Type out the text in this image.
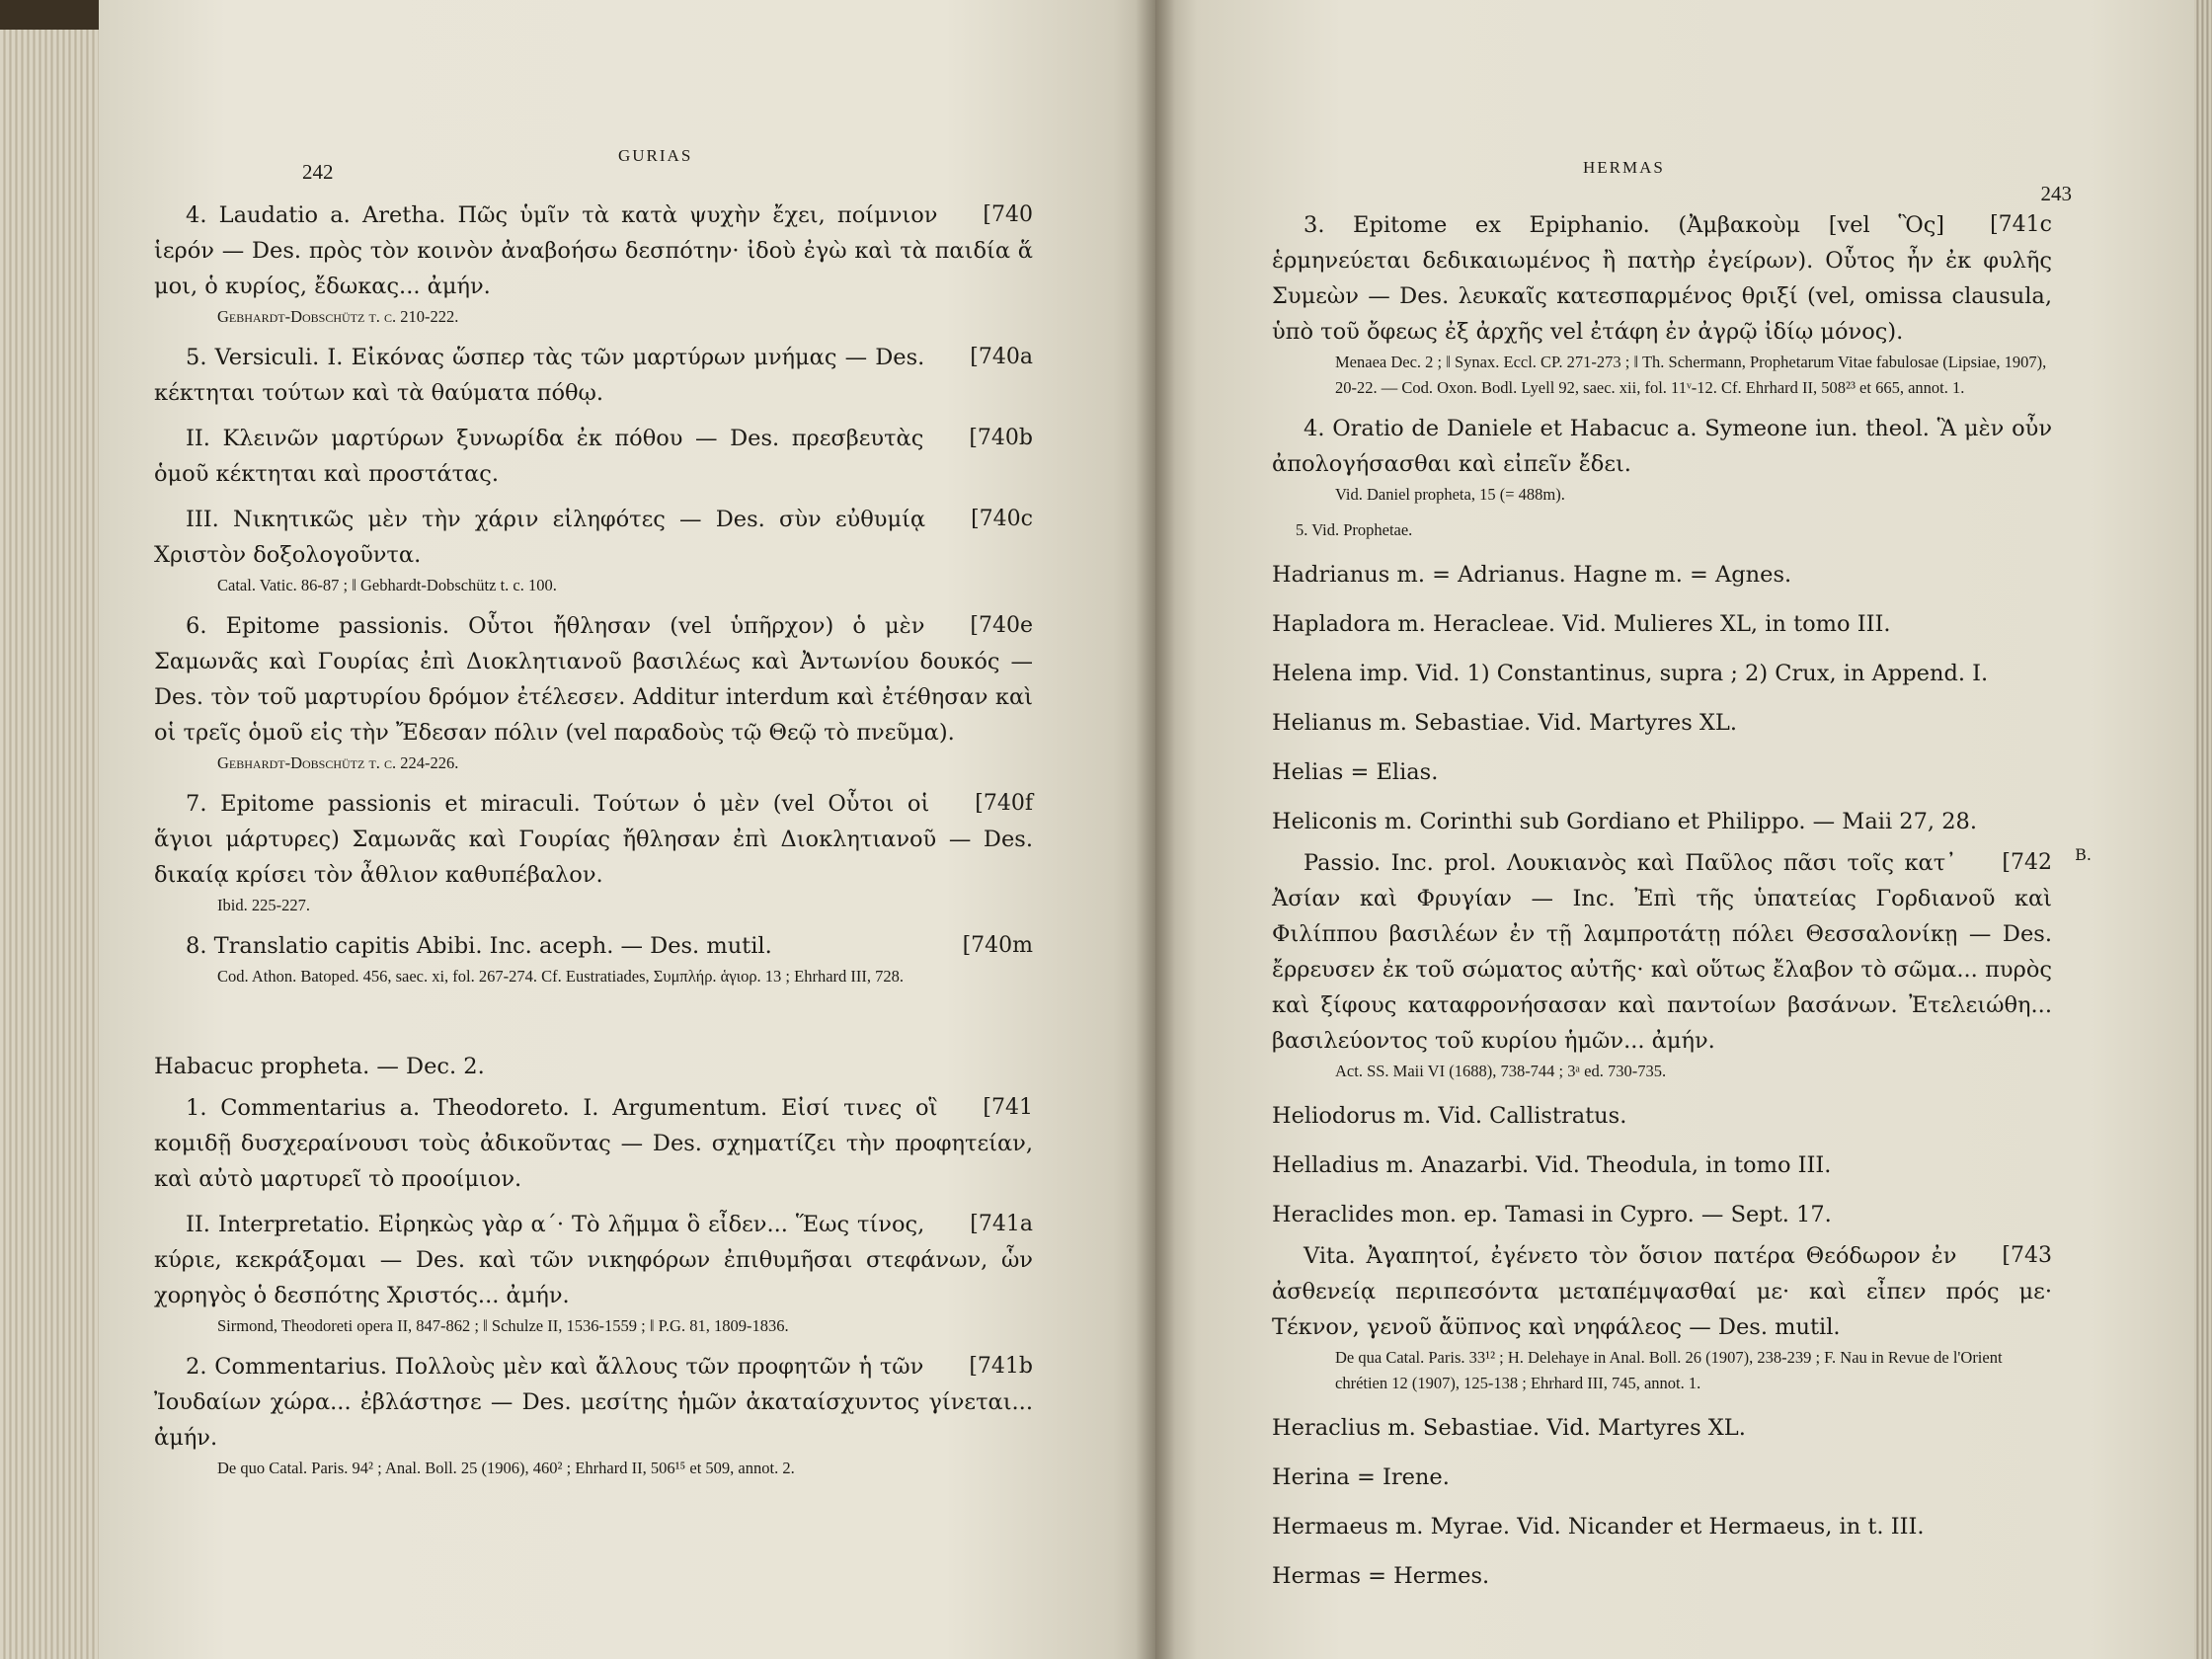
242
GURIAS

[740
4. Laudatio a. Aretha. Πῶς ὑμῖν τὰ κατὰ ψυχὴν ἔχει, ποίμνιον ἱερόν — Des. πρὸς τὸν κοινὸν ἀναβοήσω δεσπότην· ἰδοὺ ἐγὼ καὶ τὰ παιδία ἅ μοι, ὁ κυρίος, ἔδωκας... ἀμήν.

Gebhardt-Dobschütz t. c. 210-222.

[740a
5. Versiculi. I. Εἰκόνας ὥσπερ τὰς τῶν μαρτύρων μνήμας — Des. κέκτηται τούτων καὶ τὰ θαύματα πόθῳ.

[740b
II. Κλεινῶν μαρτύρων ξυνωρίδα ἐκ πόθου — Des. πρεσβευτὰς ὁμοῦ κέκτηται καὶ προστάτας.

[740c
III. Νικητικῶς μὲν τὴν χάριν εἰληφότες — Des. σὺν εὐθυμίᾳ Χριστὸν δοξολογοῦντα.

Catal. Vatic. 86-87 ; ‖ Gebhardt-Dobschütz t. c. 100.

[740e
6. Epitome passionis. Οὗτοι ἤθλησαν (vel ὑπῆρχον) ὁ μὲν Σαμωνᾶς καὶ Γουρίας ἐπὶ Διοκλητιανοῦ βασιλέως καὶ Ἀντωνίου δουκός — Des. τὸν τοῦ μαρτυρίου δρόμον ἐτέλεσεν. Additur interdum καὶ ἐτέθησαν καὶ οἱ τρεῖς ὁμοῦ εἰς τὴν Ἔδεσαν πόλιν (vel παραδοὺς τῷ Θεῷ τὸ πνεῦμα).

Gebhardt-Dobschütz t. c. 224-226.

[740f
7. Epitome passionis et miraculi. Τούτων ὁ μὲν (vel Οὗτοι οἱ ἅγιοι μάρτυρες) Σαμωνᾶς καὶ Γουρίας ἤθλησαν ἐπὶ Διοκλητιανοῦ — Des. δικαίᾳ κρίσει τὸν ἆθλιον καθυπέβαλον.

Ibid. 225-227.

[740m
8. Translatio capitis Abibi. Inc. aceph. — Des. mutil.

Cod. Athon. Batoped. 456, saec. xi, fol. 267-274. Cf. Eustratiades, Συμπλήρ. ἁγιορ. 13 ; Ehrhard III, 728.

Habacuc propheta. — Dec. 2.

[741
1. Commentarius a. Theodoreto. I. Argumentum. Εἰσί τινες οἳ κομιδῇ δυσχεραίνουσι τοὺς ἀδικοῦντας — Des. σχηματίζει τὴν προφητείαν, καὶ αὐτὸ μαρτυρεῖ τὸ προοίμιον.

[741a
II. Interpretatio. Εἰρηκὼς γὰρ α´· Τὸ λῆμμα ὃ εἶδεν... Ἕως τίνος, κύριε, κεκράξομαι — Des. καὶ τῶν νικηφόρων ἐπιθυμῆσαι στεφάνων, ὧν χορηγὸς ὁ δεσπότης Χριστός... ἀμήν.

Sirmond, Theodoreti opera II, 847-862 ; ‖ Schulze II, 1536-1559 ; ‖ P.G. 81, 1809-1836.

[741b
2. Commentarius. Πολλοὺς μὲν καὶ ἄλλους τῶν προφητῶν ἡ τῶν Ἰουδαίων χώρα... ἐβλάστησε — Des. μεσίτης ἡμῶν ἀκαταίσχυντος γίνεται... ἀμήν.

De quo Catal. Paris. 94² ; Anal. Boll. 25 (1906), 460² ; Ehrhard II, 506¹⁵ et 509, annot. 2.

HERMAS
243

[741c
3. Epitome ex Epiphanio. (Ἀμβακοὺμ [vel Ὃς] ἑρμηνεύεται δεδικαιωμένος ἢ πατὴρ ἐγείρων). Οὗτος ἦν ἐκ φυλῆς Συμεὼν — Des. λευκαῖς κατεσπαρμένος θριξί (vel, omissa clausula, ὑπὸ τοῦ ὄφεως ἐξ ἀρχῆς vel ἐτάφη ἐν ἀγρῷ ἰδίῳ μόνος).

Menaea Dec. 2 ; ‖ Synax. Eccl. CP. 271-273 ; ‖ Th. Schermann, Prophetarum Vitae fabulosae (Lipsiae, 1907), 20-22. — Cod. Oxon. Bodl. Lyell 92, saec. xii, fol. 11ᵛ-12. Cf. Ehrhard II, 508²³ et 665, annot. 1.

4. Oratio de Daniele et Habacuc a. Symeone iun. theol. Ἃ μὲν οὖν ἀπολογήσασθαι καὶ εἰπεῖν ἔδει.

Vid. Daniel propheta, 15 (= 488m).

5. Vid. Prophetae.

Hadrianus m. = Adrianus. Hagne m. = Agnes.

Hapladora m. Heracleae. Vid. Mulieres XL, in tomo III.

Helena imp. Vid. 1) Constantinus, supra ; 2) Crux, in Append. I.

Helianus m. Sebastiae. Vid. Martyres XL.

Helias = Elias.

Heliconis m. Corinthi sub Gordiano et Philippo. — Maii 27, 28.

B.

[742
Passio. Inc. prol. Λουκιανὸς καὶ Παῦλος πᾶσι τοῖς κατ᾽ Ἀσίαν καὶ Φρυγίαν — Inc. Ἐπὶ τῆς ὑπατείας Γορδιανοῦ καὶ Φιλίππου βασιλέων ἐν τῇ λαμπροτάτῃ πόλει Θεσσαλονίκῃ — Des. ἔρρευσεν ἐκ τοῦ σώματος αὐτῆς· καὶ οὕτως ἔλαβον τὸ σῶμα... πυρὸς καὶ ξίφους καταφρονήσασαν καὶ παντοίων βασάνων. Ἐτελειώθη... βασιλεύοντος τοῦ κυρίου ἡμῶν... ἀμήν.

Act. SS. Maii VI (1688), 738-744 ; 3ᵃ ed. 730-735.

Heliodorus m. Vid. Callistratus.

Helladius m. Anazarbi. Vid. Theodula, in tomo III.

Heraclides mon. ep. Tamasi in Cypro. — Sept. 17.

[743
Vita. Ἀγαπητοί, ἐγένετο τὸν ὅσιον πατέρα Θεόδωρον ἐν ἀσθενείᾳ περιπεσόντα μεταπέμψασθαί με· καὶ εἶπεν πρός με· Τέκνον, γενοῦ ἄϋπνος καὶ νηφάλεος — Des. mutil.

De qua Catal. Paris. 33¹² ; H. Delehaye in Anal. Boll. 26 (1907), 238-239 ; F. Nau in Revue de l'Orient chrétien 12 (1907), 125-138 ; Ehrhard III, 745, annot. 1.

Heraclius m. Sebastiae. Vid. Martyres XL.

Herina = Irene.

Hermaeus m. Myrae. Vid. Nicander et Hermaeus, in t. III.

Hermas = Hermes.
